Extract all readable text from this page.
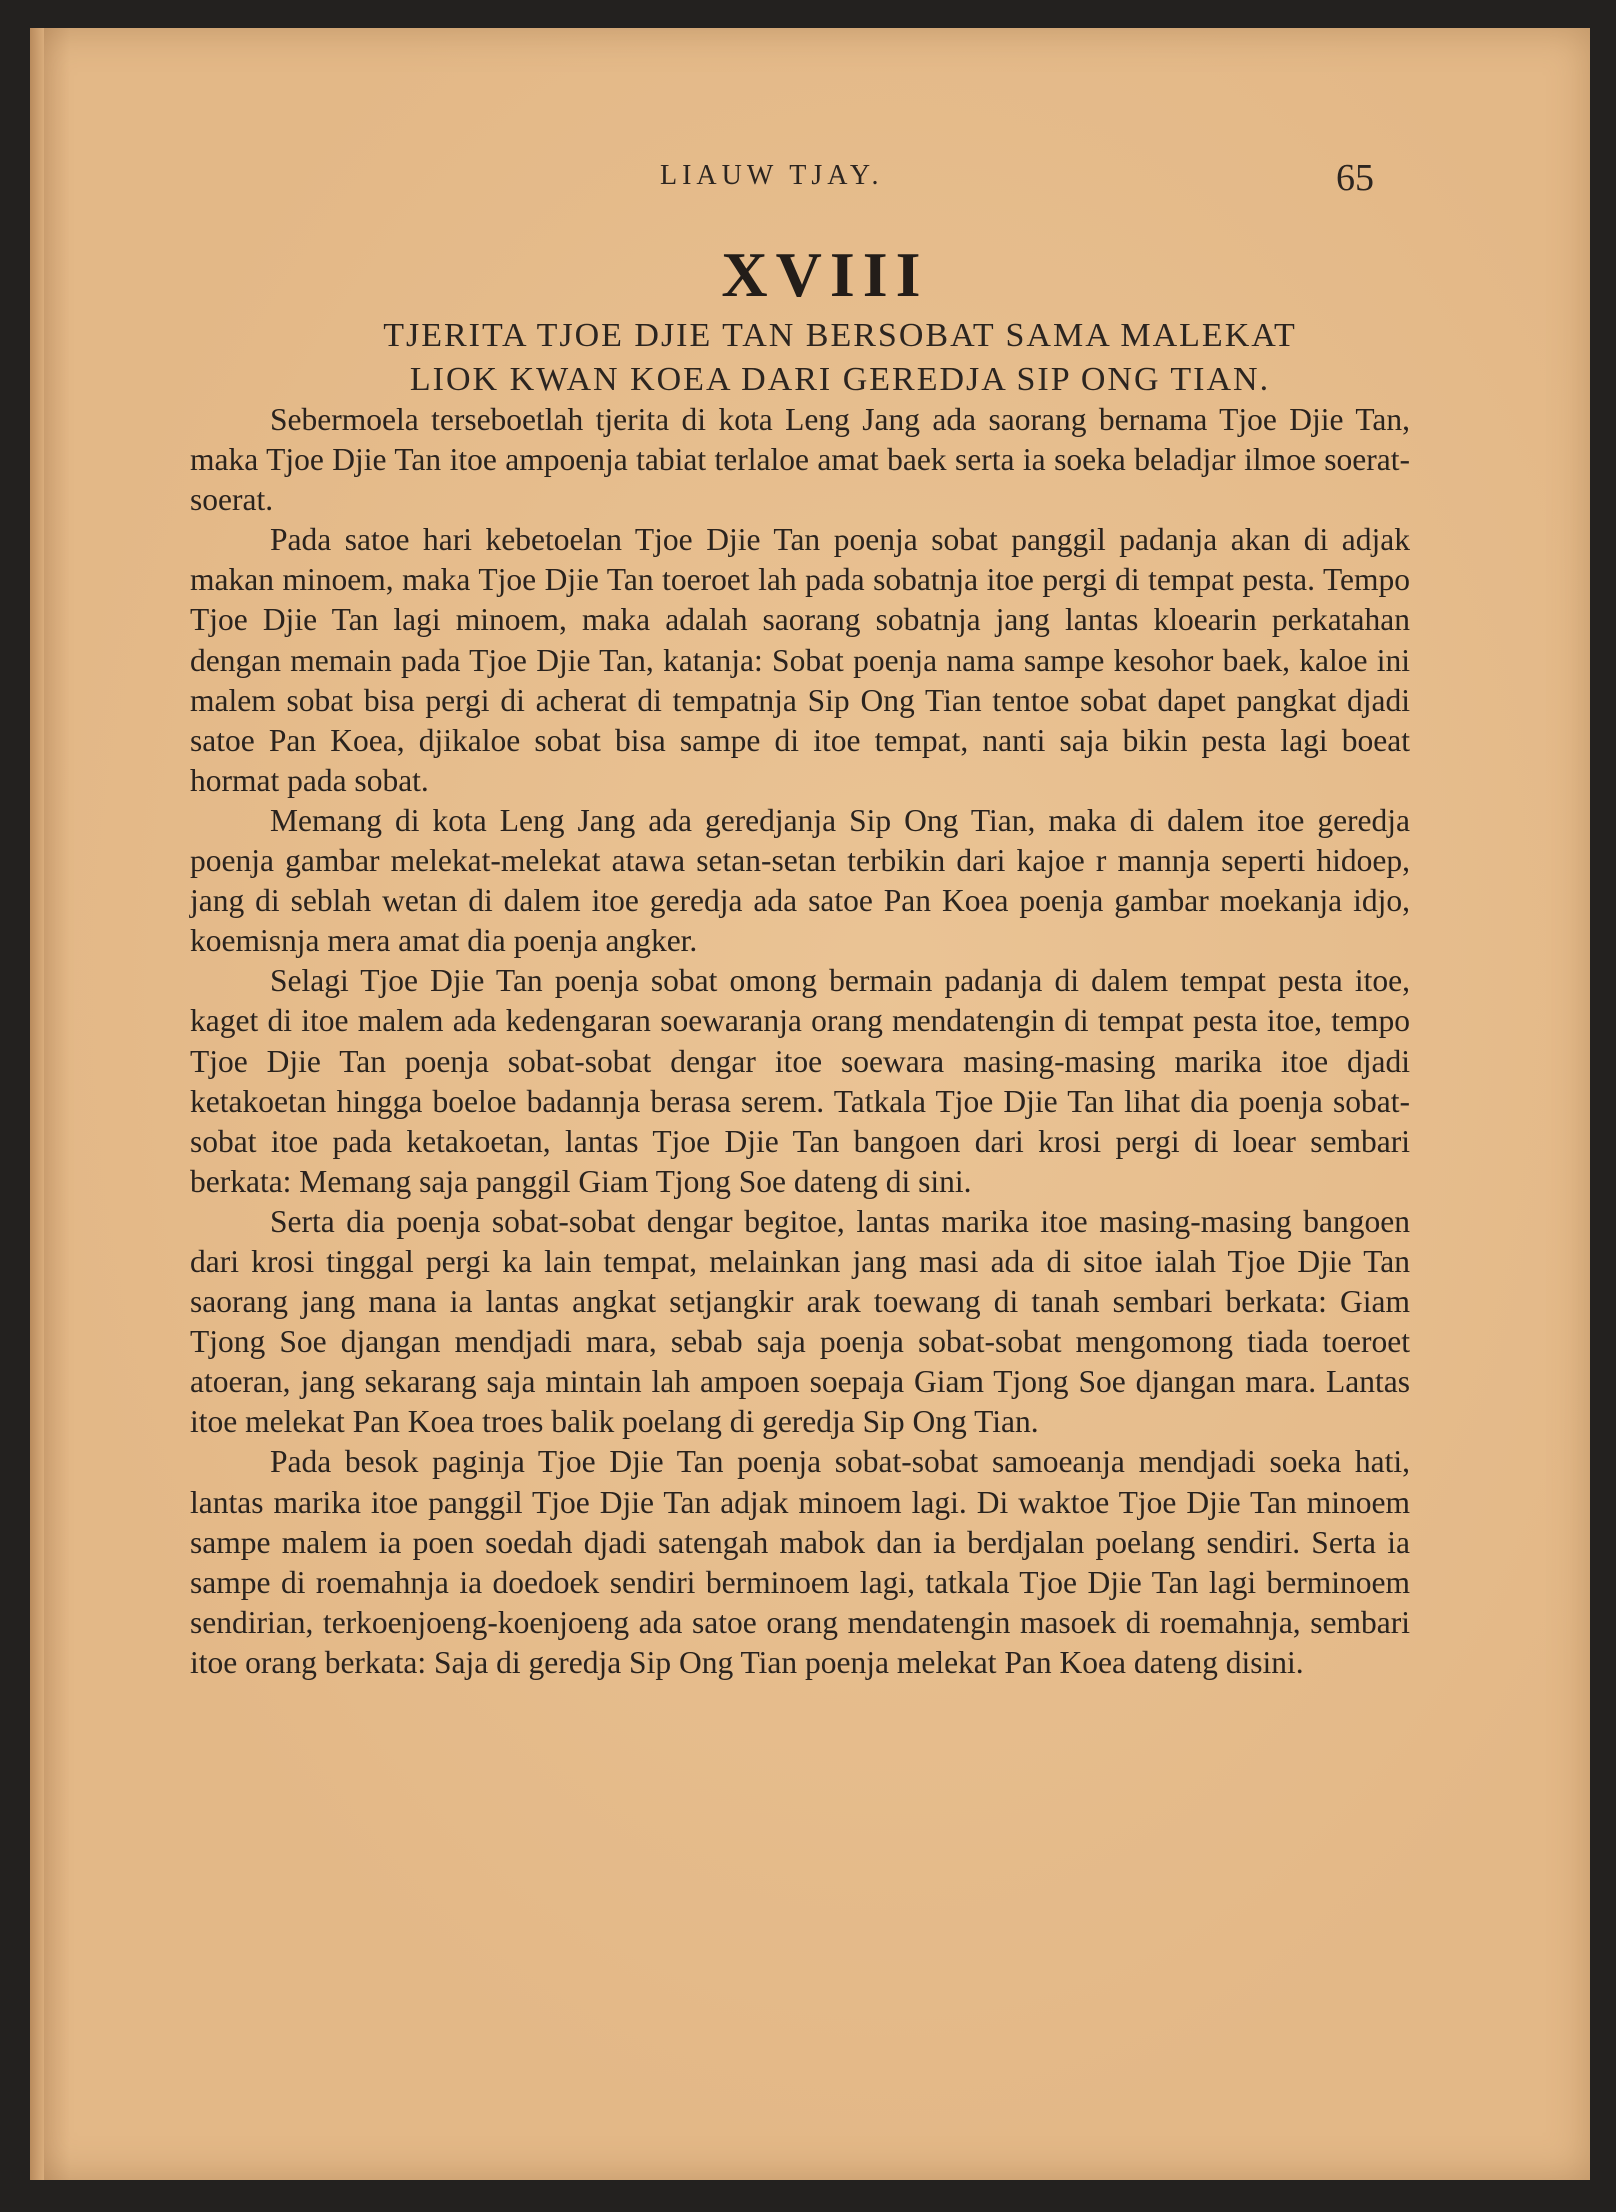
LIAUW TJAY.	65
XVIII
TJERITA TJOE DJIE TAN BERSOBAT SAMA MALEKAT
LIOK KWAN KOEA DARI GEREDJA SIP ONG TIAN.

Sebermoela terseboetlah tjerita di kota Leng Jang ada saorang bernama Tjoe Djie Tan, maka Tjoe Djie Tan itoe ampoenja tabiat terlaloe amat baek serta ia soeka beladjar ilmoe soerat-soerat.

Pada satoe hari kebetoelan Tjoe Djie Tan poenja sobat panggil padanja akan di adjak makan minoem, maka Tjoe Djie Tan toeroet lah pada sobatnja itoe pergi di tempat pesta. Tempo Tjoe Djie Tan lagi minoem, maka adalah saorang sobatnja jang lantas kloearin perkatahan dengan memain pada Tjoe Djie Tan, katanja: Sobat poenja nama sampe kesohor baek, kaloe ini malem sobat bisa pergi di acherat di tempatnja Sip Ong Tian tentoe sobat dapet pangkat djadi satoe Pan Koea, djikaloe sobat bisa sampe di itoe tempat, nanti saja bikin pesta lagi boeat hormat pada sobat.

Memang di kota Leng Jang ada geredjanja Sip Ong Tian, maka di dalem itoe geredja poenja gambar melekat-melekat atawa setan-setan terbikin dari kajoe r mannja seperti hidoep, jang di seblah wetan di dalem itoe geredja ada satoe Pan Koea poenja gambar moekanja idjo, koemisnja mera amat dia poenja angker.

Selagi Tjoe Djie Tan poenja sobat omong bermain padanja di dalem tempat pesta itoe, kaget di itoe malem ada kedengaran soewaranja orang mendatengin di tempat pesta itoe, tempo Tjoe Djie Tan poenja sobat-sobat dengar itoe soewara masing-masing marika itoe djadi ketakoetan hingga boeloe badannja berasa serem. Tatkala Tjoe Djie Tan lihat dia poenja sobat-sobat itoe pada ketakoetan, lantas Tjoe Djie Tan bangoen dari krosi pergi di loear sembari berkata: Memang saja panggil Giam Tjong Soe dateng di sini.

Serta dia poenja sobat-sobat dengar begitoe, lantas marika itoe masing-masing bangoen dari krosi tinggal pergi ka lain tempat, melainkan jang masi ada di sitoe ialah Tjoe Djie Tan saorang jang mana ia lantas angkat setjangkir arak toewang di tanah sembari berkata: Giam Tjong Soe djangan mendjadi mara, sebab saja poenja sobat-sobat mengomong tiada toeroet atoeran, jang sekarang saja mintain lah ampoen soepaja Giam Tjong Soe djangan mara. Lantas itoe melekat Pan Koea troes balik poelang di geredja Sip Ong Tian.

Pada besok paginja Tjoe Djie Tan poenja sobat-sobat samoeanja mendjadi soeka hati, lantas marika itoe panggil Tjoe Djie Tan adjak minoem lagi. Di waktoe Tjoe Djie Tan minoem sampe malem ia poen soedah djadi satengah mabok dan ia berdjalan poelang sendiri. Serta ia sampe di roemahnja ia doedoek sendiri berminoem lagi, tatkala Tjoe Djie Tan lagi berminoem sendirian, terkoenjoeng-koenjoeng ada satoe orang mendatengin masoek di roemahnja, sembari itoe orang berkata: Saja di geredja Sip Ong Tian poenja melekat Pan Koea dateng disini.
